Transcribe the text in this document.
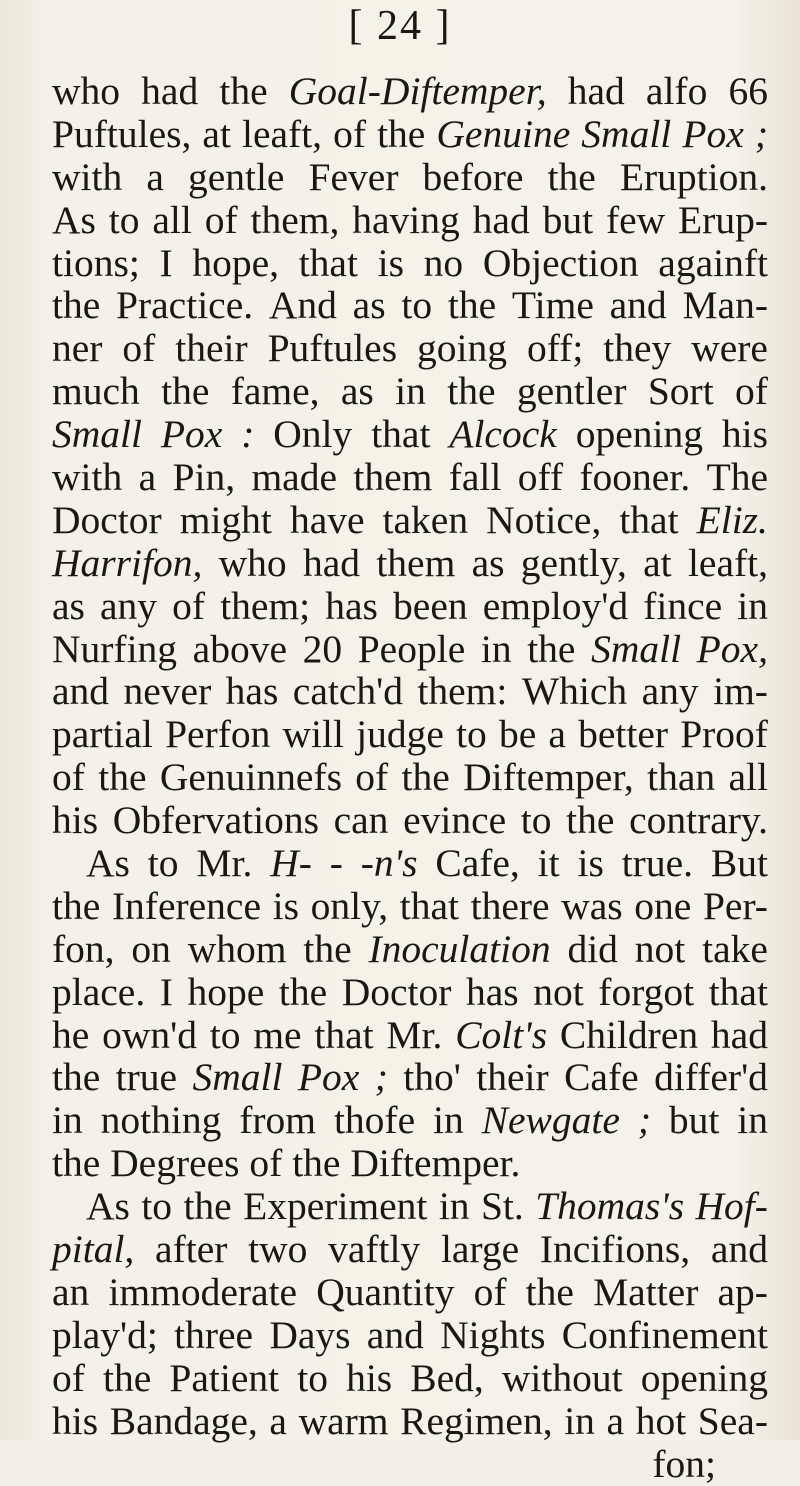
[ 24 ]
who had the Goal-Diftemper, had alfo 66
Puftules, at leaft, of the Genuine Small Pox ;
with a gentle Fever before the Eruption.
As to all of them, having had but few Erup-
tions; I hope, that is no Objection againft
the Practice. And as to the Time and Man-
ner of their Puftules going off; they were
much the fame, as in the gentler Sort of
Small Pox : Only that Alcock opening his
with a Pin, made them fall off fooner. The
Doctor might have taken Notice, that Eliz.
Harrifon, who had them as gently, at leaft,
as any of them; has been employ'd fince in
Nurfing above 20 People in the Small Pox,
and never has catch'd them: Which any im-
partial Perfon will judge to be a better Proof
of the Genuinnefs of the Diftemper, than all
his Obfervations can evince to the contrary.
As to Mr. H- - -n's Cafe, it is true. But
the Inference is only, that there was one Per-
fon, on whom the Inoculation did not take
place. I hope the Doctor has not forgot that
he own'd to me that Mr. Colt's Children had
the true Small Pox ; tho' their Cafe differ'd
in nothing from thofe in Newgate ; but in
the Degrees of the Diftemper.
As to the Experiment in St. Thomas's Hof-
pital, after two vaftly large Incifions, and
an immoderate Quantity of the Matter ap-
play'd; three Days and Nights Confinement
of the Patient to his Bed, without opening
his Bandage, a warm Regimen, in a hot Sea-
fon;
